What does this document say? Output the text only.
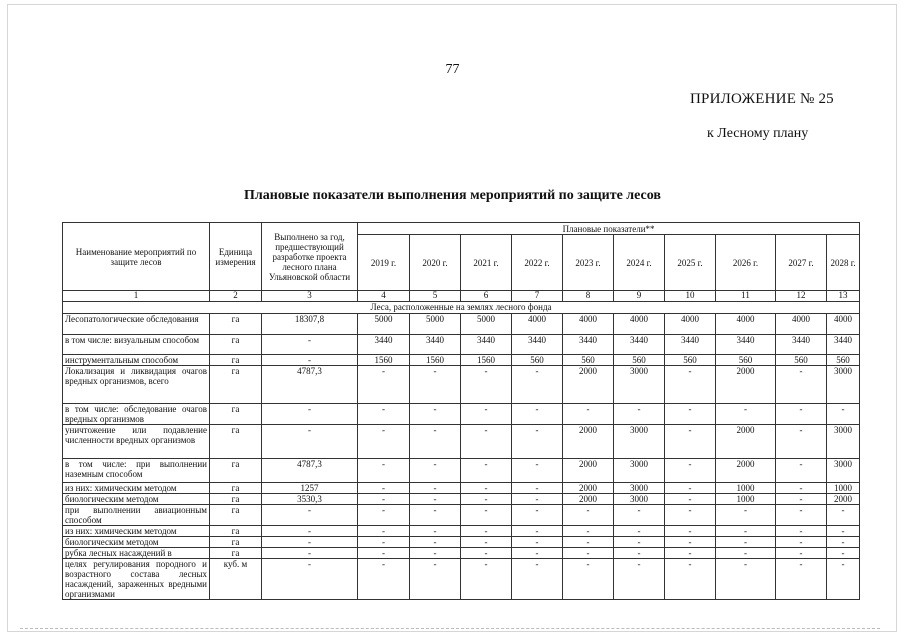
77
ПРИЛОЖЕНИЕ № 25
к Лесному плану
Плановые показатели выполнения мероприятий по защите лесов
Наименование мероприятий по защите лесов	Единица измерения	Выполнено за год, предшествующий разработке проекта лесного плана Ульяновской области	Плановые показатели**									
			2019 г.	2020 г.	2021 г.	2022 г.	2023 г.	2024 г.	2025 г.	2026 г.	2027 г.	2028 г.
1	2	3	4	5	6	7	8	9	10	11	12	13
Леса, расположенные на землях лесного фонда												
Лесопатологические обследования	га	18307,8	5000	5000	5000	4000	4000	4000	4000	4000	4000	4000
в том числе: визуальным способом	га	-	3440	3440	3440	3440	3440	3440	3440	3440	3440	3440
инструментальным способом	га	-	1560	1560	1560	560	560	560	560	560	560	560
Локализация и ликвидация очагов вредных организмов, всего	га	4787,3	-	-	-	-	2000	3000	-	2000	-	3000
в том числе: обследование очагов вредных организмов	га	-	-	-	-	-	-	-	-	-	-	-
уничтожение или подавление численности вредных организмов	га	-	-	-	-	-	2000	3000	-	2000	-	3000
в том числе: при выполнении наземным способом	га	4787,3	-	-	-	-	2000	3000	-	2000	-	3000
из них: химическим методом	га	1257	-	-	-	-	2000	3000	-	1000	-	1000
биологическим методом	га	3530,3	-	-	-	-	2000	3000	-	1000	-	2000
при выполнении авиационным способом	га	-	-	-	-	-	-	-	-	-	-	-
из них: химическим методом	га	-	-	-	-	-	-	-	-	-	-	-
биологическим методом	га	-	-	-	-	-	-	-	-	-	-	-
рубка лесных насаждений в	га	-	-	-	-	-	-	-	-	-	-	-
целях регулирования породного и возрастного состава лесных насаждений, зараженных вредными организмами	куб. м	-	-	-	-	-	-	-	-	-	-	-
